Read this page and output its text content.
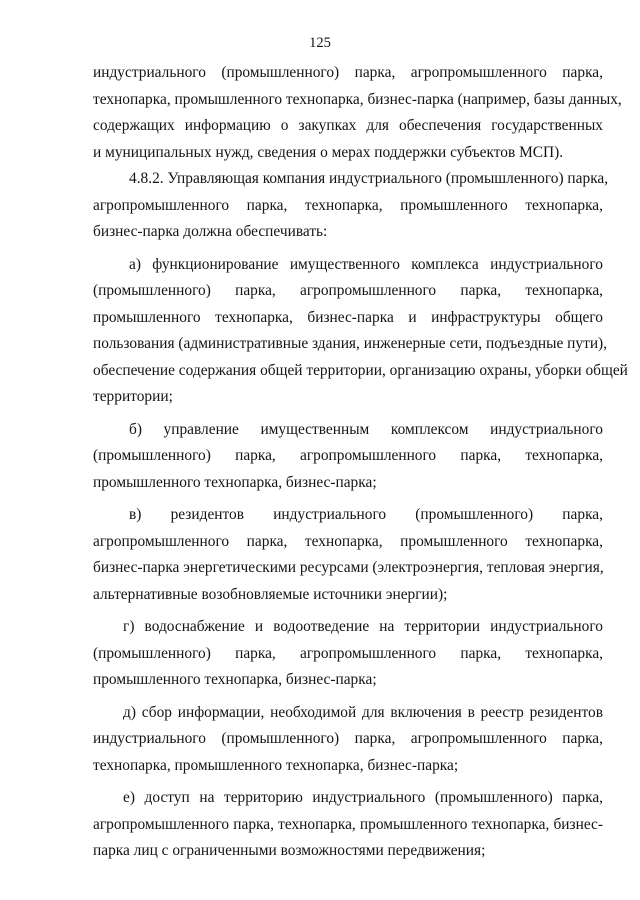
125
индустриального (промышленного) парка, агропромышленного парка,
технопарка, промышленного технопарка, бизнес-парка (например, базы данных,
содержащих информацию о закупках для обеспечения государственных
и муниципальных нужд, сведения о мерах поддержки субъектов МСП).
4.8.2. Управляющая компания индустриального (промышленного) парка,
агропромышленного парка, технопарка, промышленного технопарка,
бизнес-парка должна обеспечивать:
а) функционирование имущественного комплекса индустриального
(промышленного) парка, агропромышленного парка, технопарка,
промышленного технопарка, бизнес-парка и инфраструктуры общего
пользования (административные здания, инженерные сети, подъездные пути),
обеспечение содержания общей территории, организацию охраны, уборки общей
территории;
б) управление имущественным комплексом индустриального
(промышленного) парка, агропромышленного парка, технопарка,
промышленного технопарка, бизнес-парка;
в) резидентов индустриального (промышленного) парка,
агропромышленного парка, технопарка, промышленного технопарка,
бизнес-парка энергетическими ресурсами (электроэнергия, тепловая энергия,
альтернативные возобновляемые источники энергии);
г) водоснабжение и водоотведение на территории индустриального
(промышленного) парка, агропромышленного парка, технопарка,
промышленного технопарка, бизнес-парка;
д) сбор информации, необходимой для включения в реестр резидентов
индустриального (промышленного) парка, агропромышленного парка,
технопарка, промышленного технопарка, бизнес-парка;
е) доступ на территорию индустриального (промышленного) парка,
агропромышленного парка, технопарка, промышленного технопарка, бизнес-
парка лиц с ограниченными возможностями передвижения;
